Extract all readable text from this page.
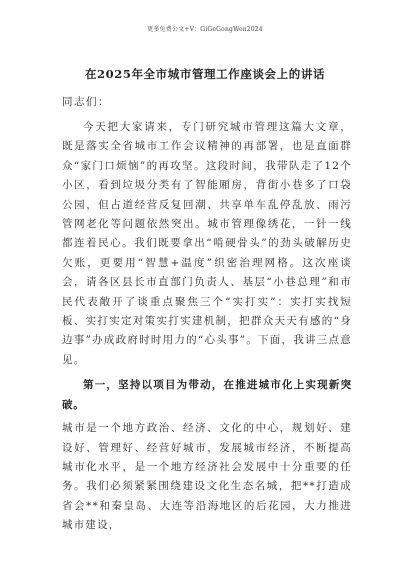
更多免费公文+V：GiGeGongWen2024
在2025年全市城市管理工作座谈会上的讲话
同志们：

今天把大家请来，专门研究城市管理这篇大文章，既是落实全省城市工作会议精神的再部署，也是直面群众“家门口烦恼”的再攻坚。这段时间，我带队走了12个小区，看到垃圾分类有了智能厢房，背街小巷多了口袋公园，但占道经营反复回潮、共享单车乱停乱放、雨污管网老化等问题依然突出。城市管理像绣花，一针一线都连着民心。我们既要拿出“啃硬骨头”的劲头破解历史欠账，更要用“智慧+温度”织密治理网格。这次座谈会，请各区县长市直部门负责人、基层“小巷总理”和市民代表敞开了谈重点聚焦三个“实打实”：实打实找短板、实打实定对策实打实建机制，把群众天天有感的“身边事”办成政府时时用力的“心头事”。下面，我讲三点意见。

第一，坚持以项目为带动，在推进城市化上实现新突破。

城市是一个地方政治、经济、文化的中心，规划好、建设好、管理好、经营好城市，发展城市经济，不断提高城市化水平，是一个地方经济社会发展中十分重要的任务。我们必须紧紧围绕建设文化生态名城，把**打造成省会**和秦皇岛、大连等沿海地区的后花园，大力推进城市建设，
